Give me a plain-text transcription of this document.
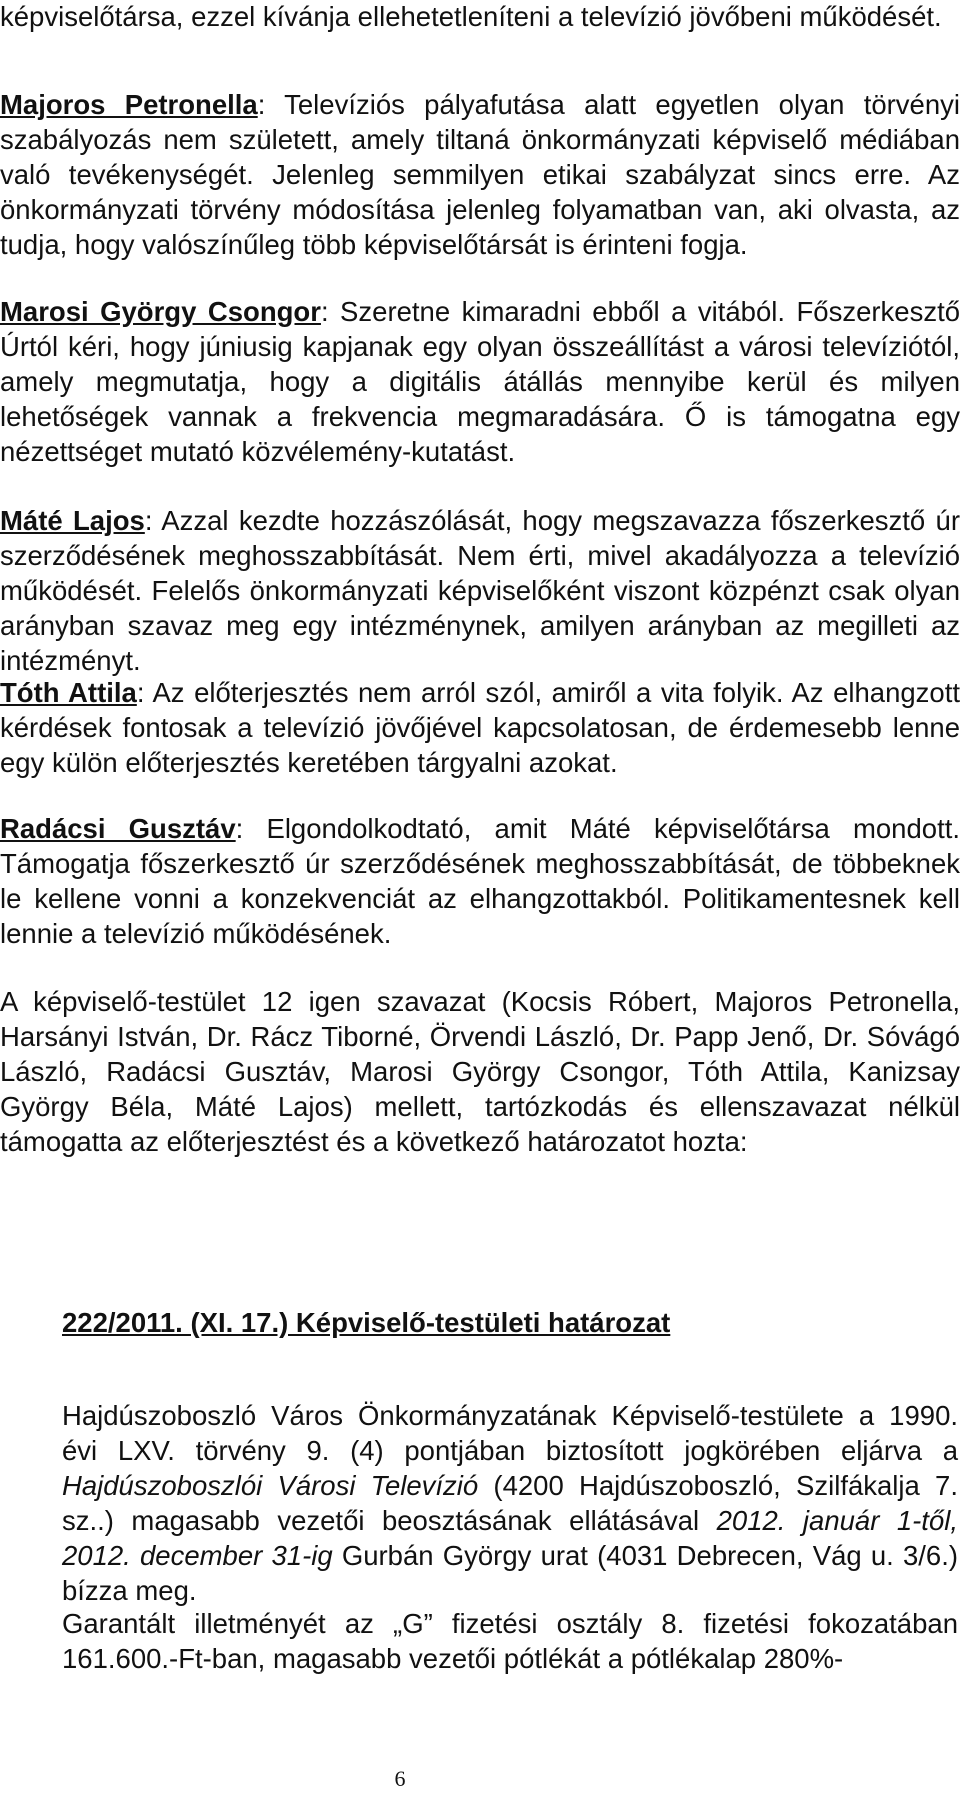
képviselőtársa, ezzel kívánja ellehetetleníteni a televízió jövőbeni működését.

Majoros Petronella: Televíziós pályafutása alatt egyetlen olyan törvényi szabályozás nem született, amely tiltaná önkormányzati képviselő médiában való tevékenységét. Jelenleg semmilyen etikai szabályzat sincs erre. Az önkormányzati törvény módosítása jelenleg folyamatban van, aki olvasta, az tudja, hogy valószínűleg több képviselőtársát is érinteni fogja.

Marosi György Csongor: Szeretne kimaradni ebből a vitából. Főszerkesztő Úrtól kéri, hogy júniusig kapjanak egy olyan összeállítást a városi televíziótól, amely megmutatja, hogy a digitális átállás mennyibe kerül és milyen lehetőségek vannak a frekvencia megmaradására. Ő is támogatna egy nézettséget mutató közvélemény-kutatást.

Máté Lajos: Azzal kezdte hozzászólását, hogy megszavazza főszerkesztő úr szerződésének meghosszabbítását. Nem érti, mivel akadályozza a televízió működését. Felelős önkormányzati képviselőként viszont közpénzt csak olyan arányban szavaz meg egy intézménynek, amilyen arányban az megilleti az intézményt.

Tóth Attila: Az előterjesztés nem arról szól, amiről a vita folyik. Az elhangzott kérdések fontosak a televízió jövőjével kapcsolatosan, de érdemesebb lenne egy külön előterjesztés keretében tárgyalni azokat.

Radácsi Gusztáv: Elgondolkodtató, amit Máté képviselőtársa mondott. Támogatja főszerkesztő úr szerződésének meghosszabbítását, de többeknek le kellene vonni a konzekvenciát az elhangzottakból. Politikamentesnek kell lennie a televízió működésének.

A képviselő-testület 12 igen szavazat (Kocsis Róbert, Majoros Petronella, Harsányi István, Dr. Rácz Tiborné, Örvendi László, Dr. Papp Jenő, Dr. Sóvágó László, Radácsi Gusztáv, Marosi György Csongor, Tóth Attila, Kanizsay György Béla, Máté Lajos) mellett, tartózkodás és ellenszavazat nélkül támogatta az előterjesztést és a következő határozatot hozta:

222/2011. (XI. 17.) Képviselő-testületi határozat

Hajdúszoboszló Város Önkormányzatának Képviselő-testülete a 1990. évi LXV. törvény 9. (4) pontjában biztosított jogkörében eljárva a Hajdúszoboszlói Városi Televízió (4200 Hajdúszoboszló, Szilfákalja 7. sz..) magasabb vezetői beosztásának ellátásával 2012. január 1-től, 2012. december 31-ig Gurbán György urat (4031 Debrecen, Vág u. 3/6.) bízza meg.

Garantált illetményét az „G” fizetési osztály 8. fizetési fokozatában 161.600.-Ft-ban, magasabb vezetői pótlékát a pótlékalap 280%-

6
